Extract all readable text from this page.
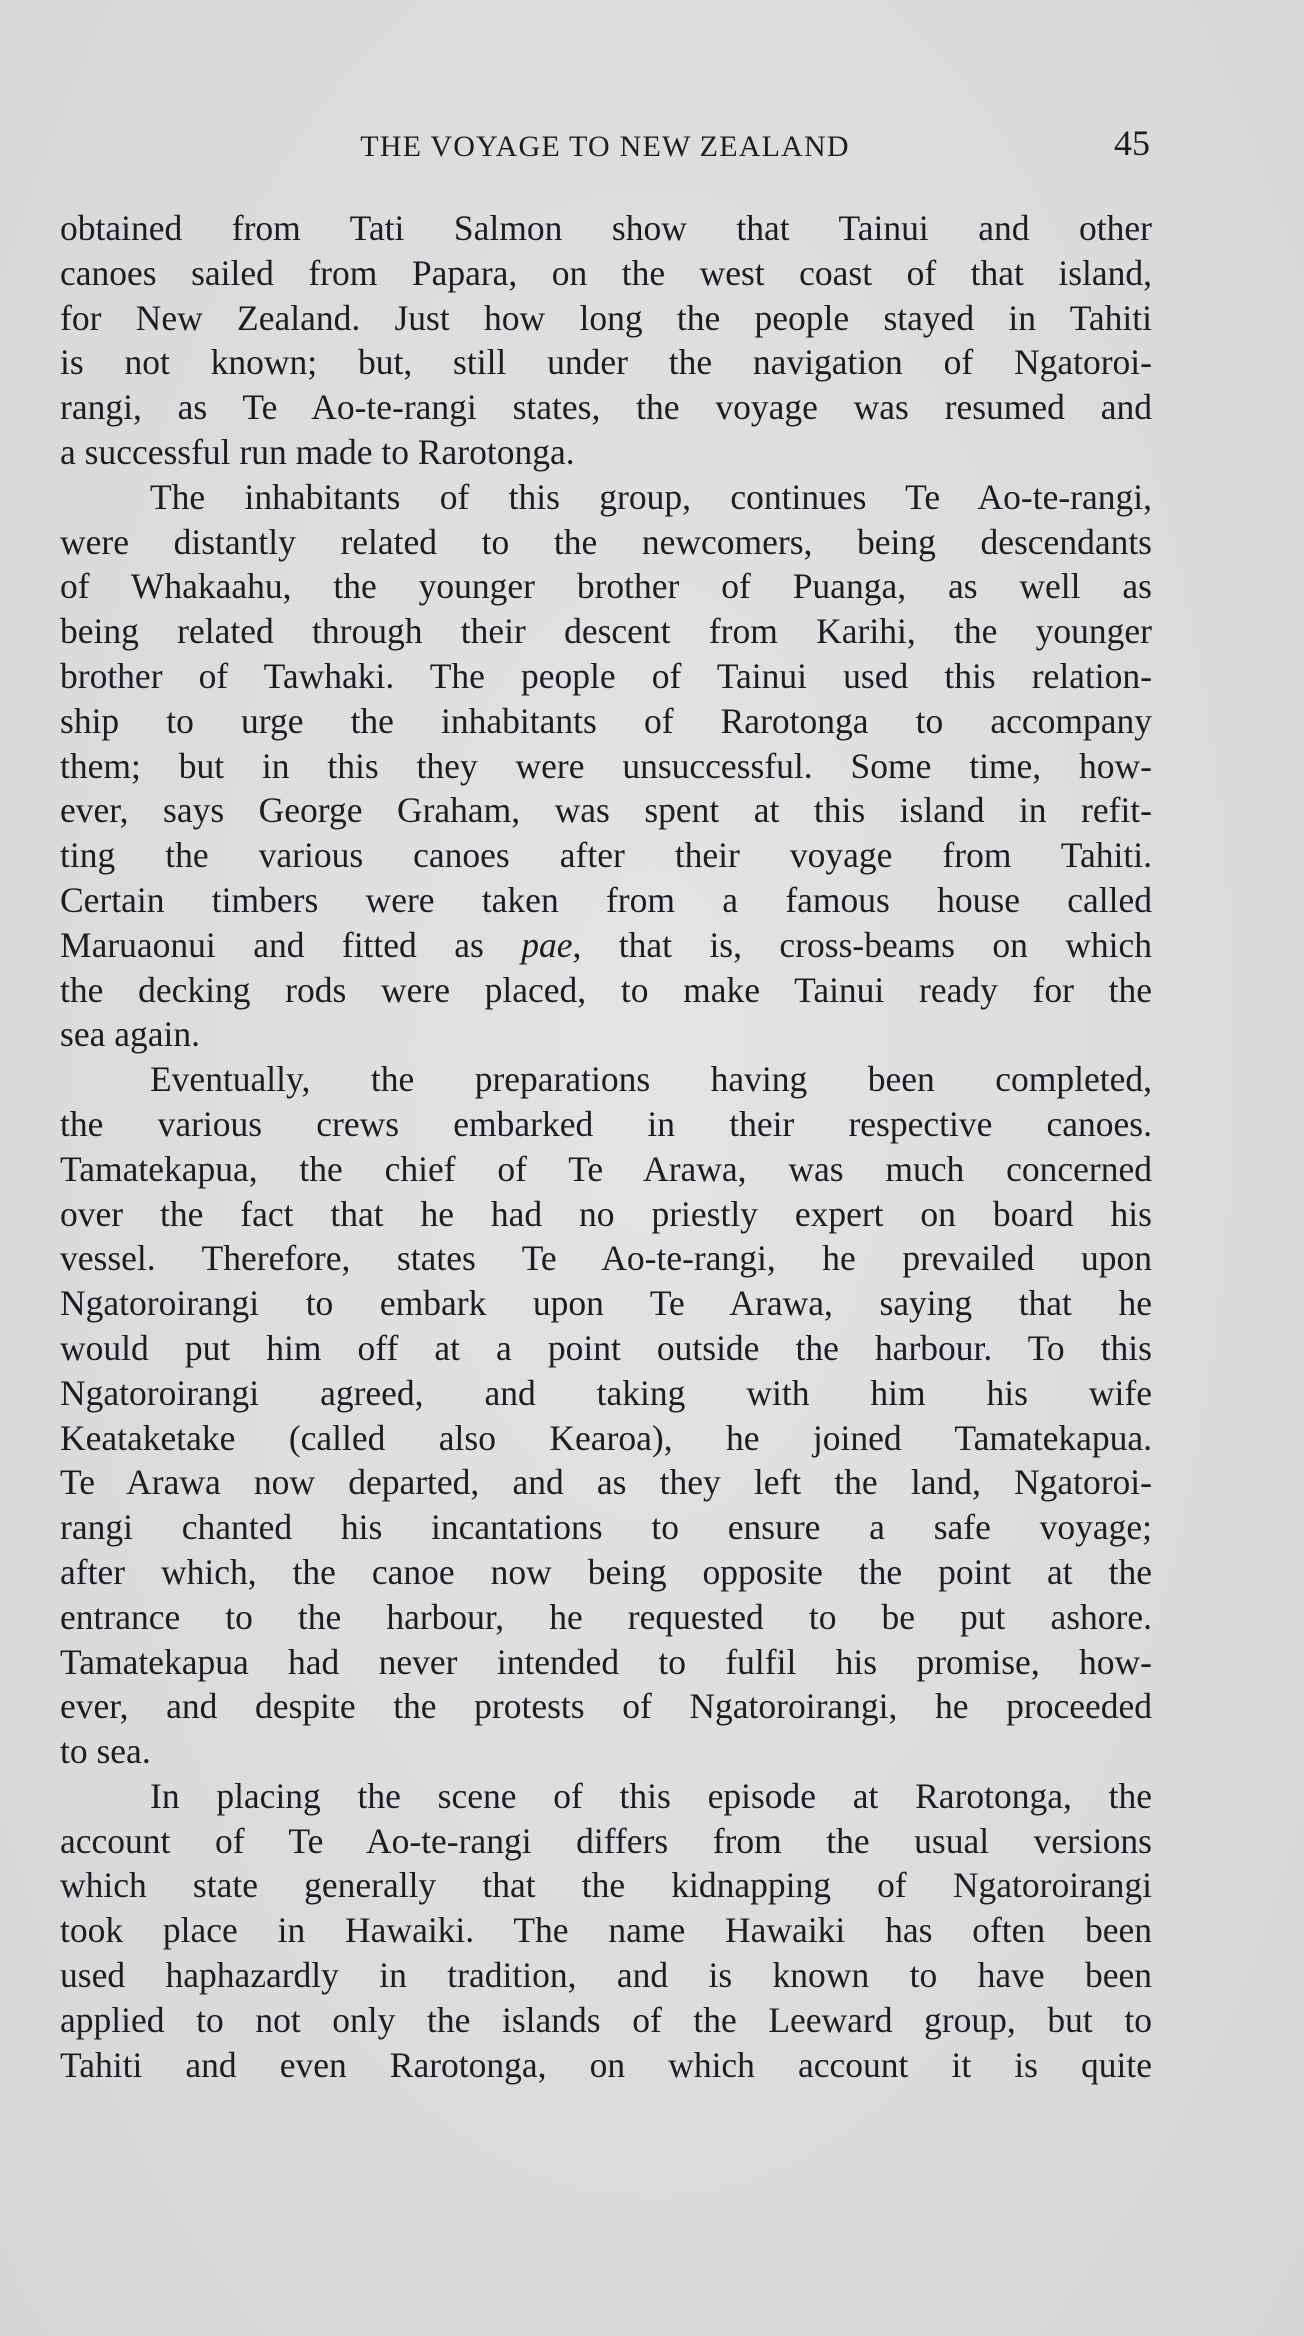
THE VOYAGE TO NEW ZEALAND	45

obtained from Tati Salmon show that Tainui and other
canoes sailed from Papara, on the west coast of that island,
for New Zealand. Just how long the people stayed in Tahiti
is not known; but, still under the navigation of Ngatoroi-
rangi, as Te Ao-te-rangi states, the voyage was resumed and
a successful run made to Rarotonga.

The inhabitants of this group, continues Te Ao-te-rangi,
were distantly related to the newcomers, being descendants
of Whakaahu, the younger brother of Puanga, as well as
being related through their descent from Karihi, the younger
brother of Tawhaki. The people of Tainui used this relation-
ship to urge the inhabitants of Rarotonga to accompany
them; but in this they were unsuccessful. Some time, how-
ever, says George Graham, was spent at this island in refit-
ting the various canoes after their voyage from Tahiti.
Certain timbers were taken from a famous house called
Maruaonui and fitted as pae, that is, cross-beams on which
the decking rods were placed, to make Tainui ready for the
sea again.

Eventually, the preparations having been completed,
the various crews embarked in their respective canoes.
Tamatekapua, the chief of Te Arawa, was much concerned
over the fact that he had no priestly expert on board his
vessel. Therefore, states Te Ao-te-rangi, he prevailed upon
Ngatoroirangi to embark upon Te Arawa, saying that he
would put him off at a point outside the harbour. To this
Ngatoroirangi agreed, and taking with him his wife
Keataketake (called also Kearoa), he joined Tamatekapua.
Te Arawa now departed, and as they left the land, Ngatoroi-
rangi chanted his incantations to ensure a safe voyage;
after which, the canoe now being opposite the point at the
entrance to the harbour, he requested to be put ashore.
Tamatekapua had never intended to fulfil his promise, how-
ever, and despite the protests of Ngatoroirangi, he proceeded
to sea.

In placing the scene of this episode at Rarotonga, the
account of Te Ao-te-rangi differs from the usual versions
which state generally that the kidnapping of Ngatoroirangi
took place in Hawaiki. The name Hawaiki has often been
used haphazardly in tradition, and is known to have been
applied to not only the islands of the Leeward group, but to
Tahiti and even Rarotonga, on which account it is quite
